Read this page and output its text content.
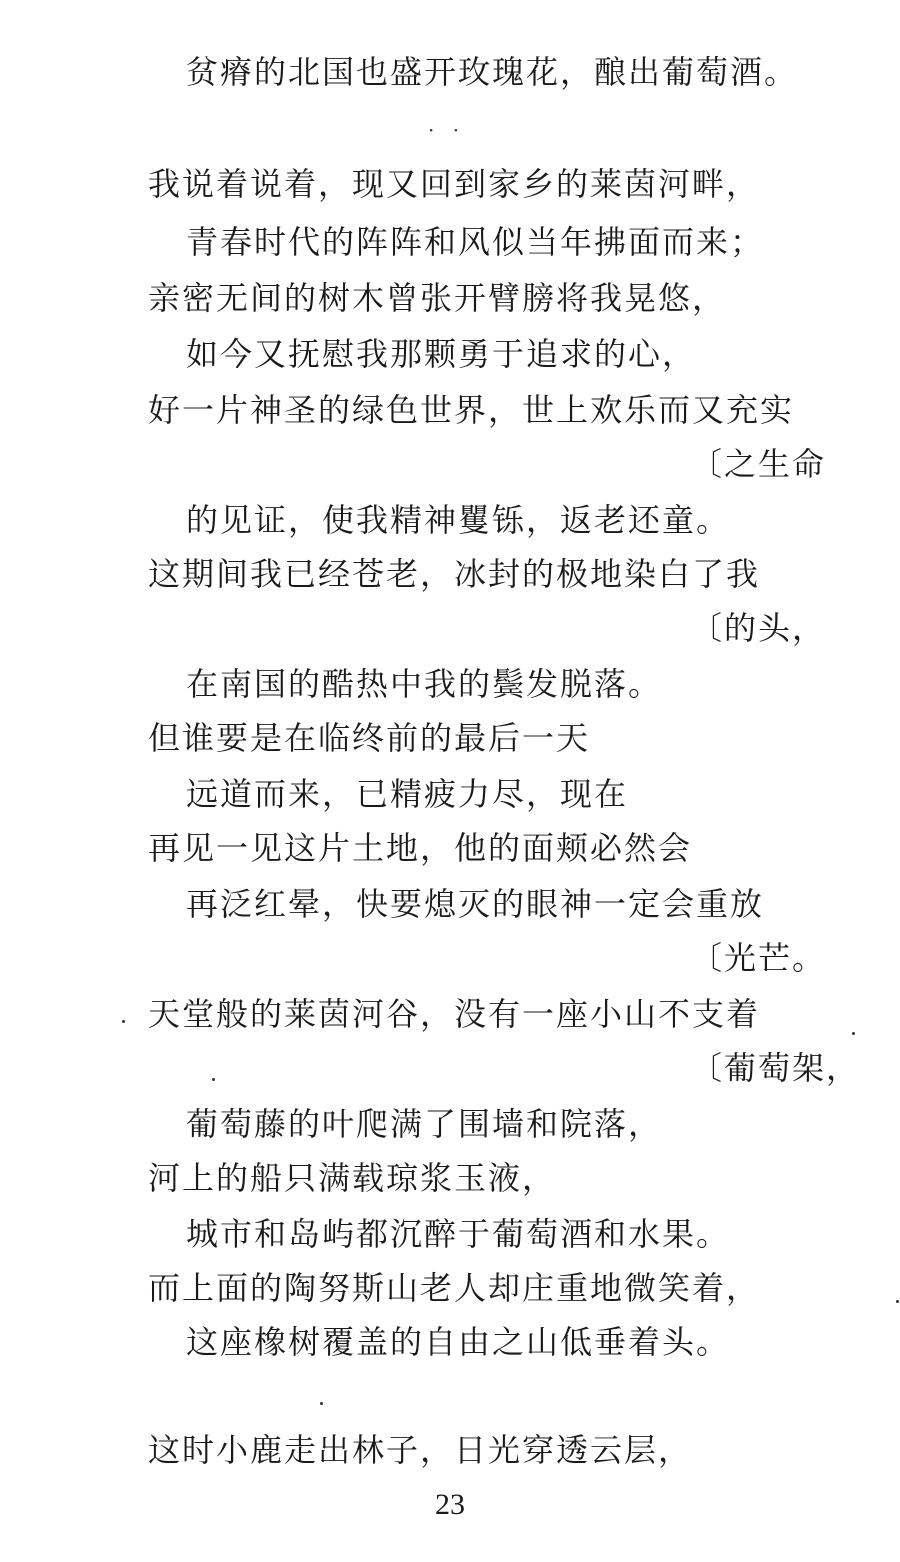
贫瘠的北国也盛开玫瑰花，酿出葡萄酒。
· ·
我说着说着，现又回到家乡的莱茵河畔，
青春时代的阵阵和风似当年拂面而来；
亲密无间的树木曾张开臂膀将我晃悠，
如今又抚慰我那颗勇于追求的心，
好一片神圣的绿色世界，世上欢乐而又充实
〔之生命
的见证，使我精神矍铄，返老还童。
这期间我已经苍老，冰封的极地染白了我
〔的头，
在南国的酷热中我的鬓发脱落。
但谁要是在临终前的最后一天
远道而来，已精疲力尽，现在
再见一见这片土地，他的面颊必然会
再泛红晕，快要熄灭的眼神一定会重放
〔光芒。
天堂般的莱茵河谷，没有一座小山不支着
〔葡萄架，
葡萄藤的叶爬满了围墙和院落，
河上的船只满载琼浆玉液，
城市和岛屿都沉醉于葡萄酒和水果。
而上面的陶努斯山老人却庄重地微笑着，
这座橡树覆盖的自由之山低垂着头。
这时小鹿走出林子，日光穿透云层，
23
